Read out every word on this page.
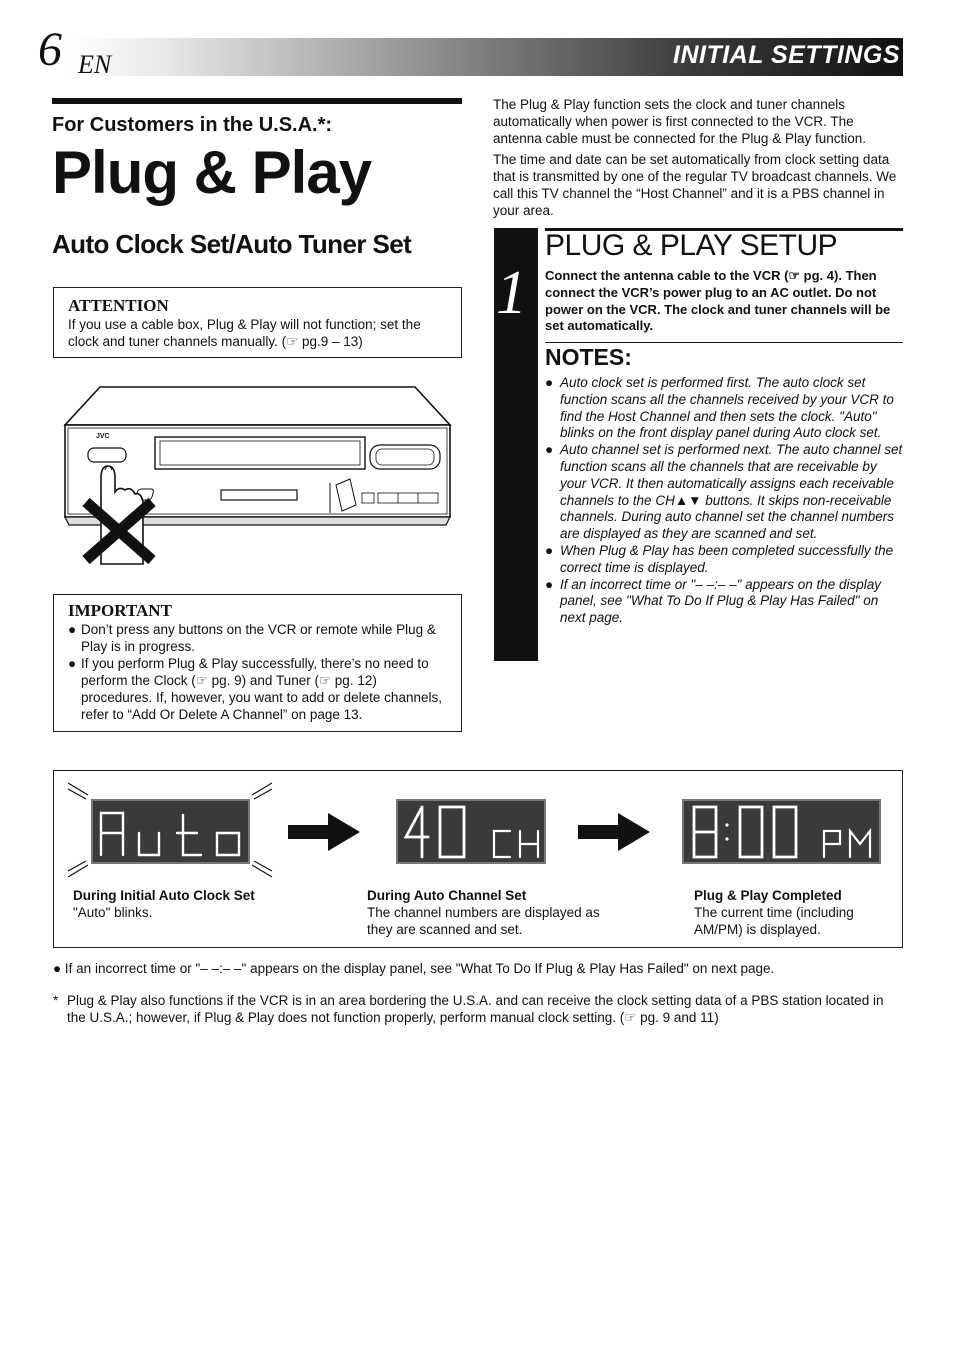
6 EN	INITIAL SETTINGS
For Customers in the U.S.A.*:
Plug & Play
Auto Clock Set/Auto Tuner Set
ATTENTION
If you use a cable box, Plug & Play will not function; set the clock and tuner channels manually. (☞ pg.9 – 13)
JVC
IMPORTANT
● Don’t press any buttons on the VCR or remote while Plug & Play is in progress.
● If you perform Plug & Play successfully, there’s no need to perform the Clock (☞ pg. 9) and Tuner (☞ pg. 12) procedures. If, however, you want to add or delete channels, refer to “Add Or Delete A Channel” on page 13.

The Plug & Play function sets the clock and tuner channels automatically when power is first connected to the VCR. The antenna cable must be connected for the Plug & Play function.

The time and date can be set automatically from clock setting data that is transmitted by one of the regular TV broadcast channels. We call this TV channel the “Host Channel” and it is a PBS channel in your area.

1
PLUG & PLAY SETUP
Connect the antenna cable to the VCR (☞ pg. 4). Then connect the VCR’s power plug to an AC outlet. Do not power on the VCR. The clock and tuner channels will be set automatically.
NOTES:
● Auto clock set is performed first. The auto clock set function scans all the channels received by your VCR to find the Host Channel and then sets the clock. "Auto" blinks on the front display panel during Auto clock set.
● Auto channel set is performed next. The auto channel set function scans all the channels that are receivable by your VCR. It then automatically assigns each receivable channels to the CH▲▼ buttons. It skips non-receivable channels. During auto channel set the channel numbers are displayed as they are scanned and set.
● When Plug & Play has been completed successfully the correct time is displayed.
● If an incorrect time or "– –:– –" appears on the display panel, see "What To Do If Plug & Play Has Failed" on next page.
During Initial Auto Clock Set
"Auto" blinks.
During Auto Channel Set
The channel numbers are displayed as they are scanned and set.
Plug & Play Completed
The current time (including AM/PM) is displayed.
● If an incorrect time or "– –:– –" appears on the display panel, see "What To Do If Plug & Play Has Failed" on next page.
* Plug & Play also functions if the VCR is in an area bordering the U.S.A. and can receive the clock setting data of a PBS station located in the U.S.A.; however, if Plug & Play does not function properly, perform manual clock setting. (☞ pg. 9 and 11)
